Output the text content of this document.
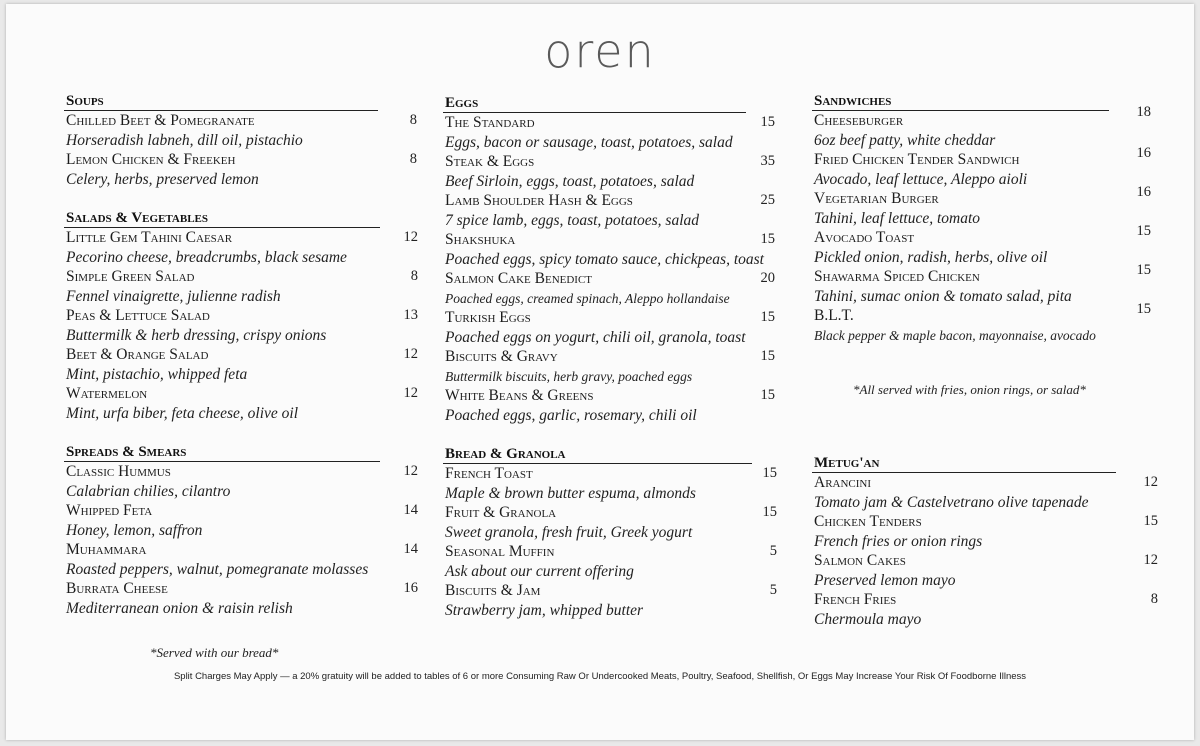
oren
Soups
Chilled Beet & Pomegranate
Horseradish labneh, dill oil, pistachio
8
Lemon Chicken & Freekeh
Celery, herbs, preserved lemon
8
Salads & Vegetables
Little Gem Tahini Caesar
Pecorino cheese, breadcrumbs, black sesame
12
Simple Green Salad
Fennel vinaigrette, julienne radish
8
Peas & Lettuce Salad
Buttermilk & herb dressing, crispy onions
13
Beet & Orange Salad
Mint, pistachio, whipped feta
12
Watermelon
Mint, urfa biber, feta cheese, olive oil
12
Spreads & Smears
Classic Hummus
Calabrian chilies, cilantro
12
Whipped Feta
Honey, lemon, saffron
14
Muhammara
Roasted peppers, walnut, pomegranate molasses
14
Burrata Cheese
Mediterranean onion & raisin relish
16
*Served with our bread*
Eggs
The Standard
Eggs, bacon or sausage, toast, potatoes, salad
15
Steak & Eggs
Beef Sirloin, eggs, toast, potatoes, salad
35
Lamb Shoulder Hash & Eggs
7 spice lamb, eggs, toast, potatoes, salad
25
Shakshuka
Poached eggs, spicy tomato sauce, chickpeas, toast
15
Salmon Cake Benedict
Poached eggs, creamed spinach, Aleppo hollandaise
20
Turkish Eggs
Poached eggs on yogurt, chili oil, granola, toast
15
Biscuits & Gravy
Buttermilk biscuits, herb gravy, poached eggs
15
White Beans & Greens
Poached eggs, garlic, rosemary, chili oil
15
Bread & Granola
French Toast
Maple & brown butter espuma, almonds
15
Fruit & Granola
Sweet granola, fresh fruit, Greek yogurt
15
Seasonal Muffin
Ask about our current offering
5
Biscuits & Jam
Strawberry jam, whipped butter
5
Sandwiches
Cheeseburger
6oz beef patty, white cheddar
18
Fried Chicken Tender Sandwich
Avocado, leaf lettuce, Aleppo aioli
16
Vegetarian Burger
Tahini, leaf lettuce, tomato
16
Avocado Toast
Pickled onion, radish, herbs, olive oil
15
Shawarma Spiced Chicken
Tahini, sumac onion & tomato salad, pita
15
B.L.T.
Black pepper & maple bacon, mayonnaise, avocado
15
Metug'an
Arancini
Tomato jam & Castelvetrano olive tapenade
12
Chicken Tenders
French fries or onion rings
15
Salmon Cakes
Preserved lemon mayo
12
French Fries
Chermoula mayo
8
*All served with fries, onion rings, or salad*
Split Charges May Apply — a 20% gratuity will be added to tables of 6 or more Consuming Raw Or Undercooked Meats, Poultry, Seafood, Shellfish, Or Eggs May Increase Your Risk Of Foodborne Illness
